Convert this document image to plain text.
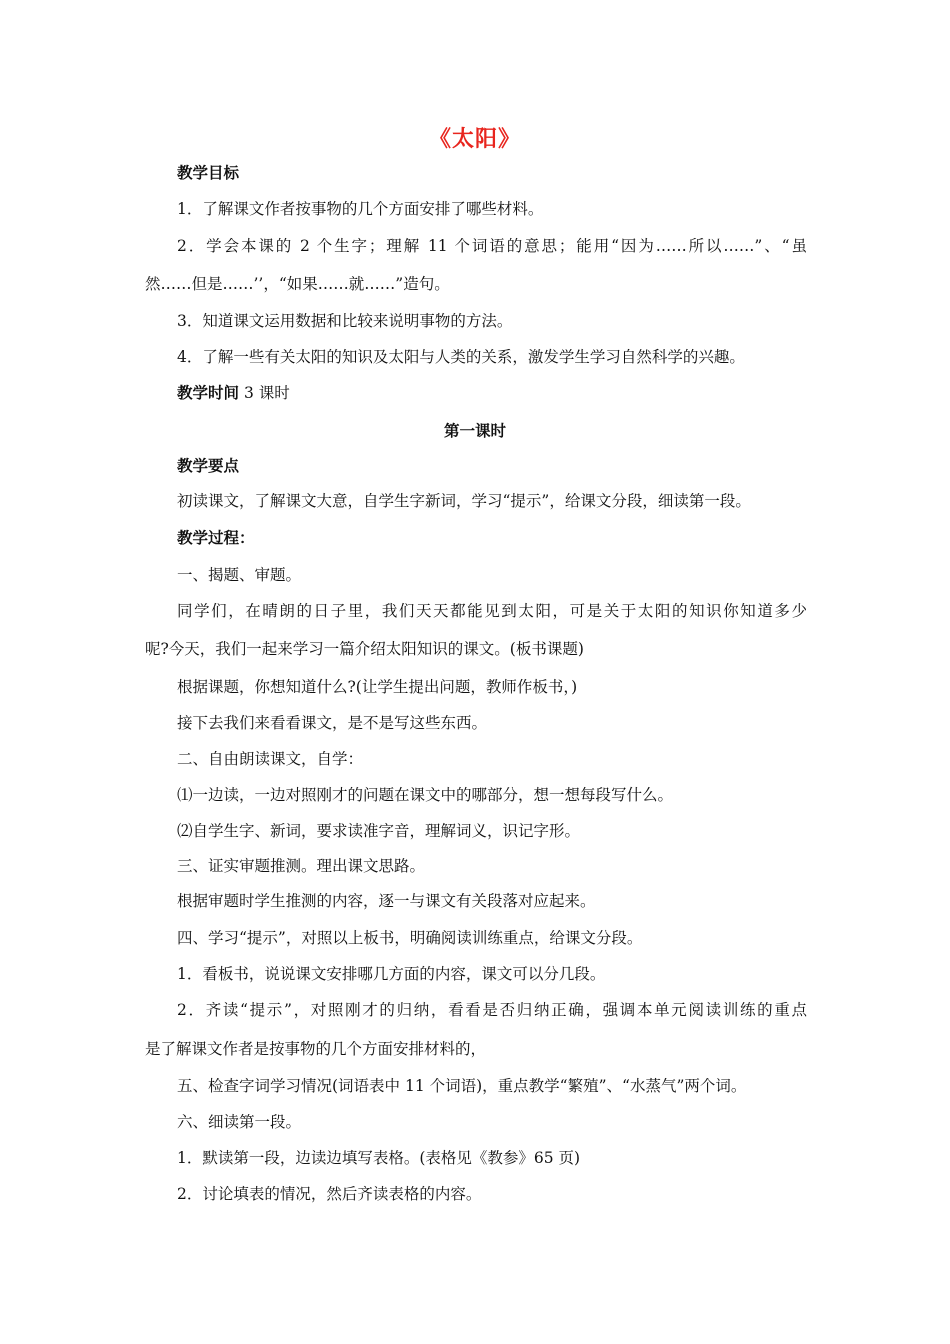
《太阳》
教学目标
1．了解课文作者按事物的几个方面安排了哪些材料。
2．学会本课的 2 个生字；理解 11 个词语的意思；能用“因为……所以……”、“虽
然……但是……’’，“如果……就……”造句。
3．知道课文运用数据和比较来说明事物的方法。
4．了解一些有关太阳的知识及太阳与人类的关系，激发学生学习自然科学的兴趣。
教学时间 3 课时
第一课时
教学要点
初读课文，了解课文大意，自学生字新词，学习“提示”，给课文分段，细读第一段。
教学过程：
一、揭题、审题。
同学们，在晴朗的日子里，我们天天都能见到太阳，可是关于太阳的知识你知道多少
呢?今天，我们一起来学习一篇介绍太阳知识的课文。(板书课题)
根据课题，你想知道什么?(让学生提出问题，教师作板书，)
接下去我们来看看课文，是不是写这些东西。
二、自由朗读课文，自学：
⑴一边读，一边对照刚才的问题在课文中的哪部分，想一想每段写什么。
⑵自学生字、新词，要求读准字音，理解词义，识记字形。
三、证实审题推测。理出课文思路。
根据审题时学生推测的内容，逐一与课文有关段落对应起来。
四、学习“提示”，对照以上板书，明确阅读训练重点，给课文分段。
1．看板书，说说课文安排哪几方面的内容，课文可以分几段。
2．齐读“提示”，对照刚才的归纳，看看是否归纳正确，强调本单元阅读训练的重点
是了解课文作者是按事物的几个方面安排材料的，
五、检查字词学习情况(词语表中 11 个词语)，重点教学“繁殖”、“水蒸气”两个词。
六、细读第一段。
1．默读第一段，边读边填写表格。(表格见《教参》65 页)
2．讨论填表的情况，然后齐读表格的内容。
